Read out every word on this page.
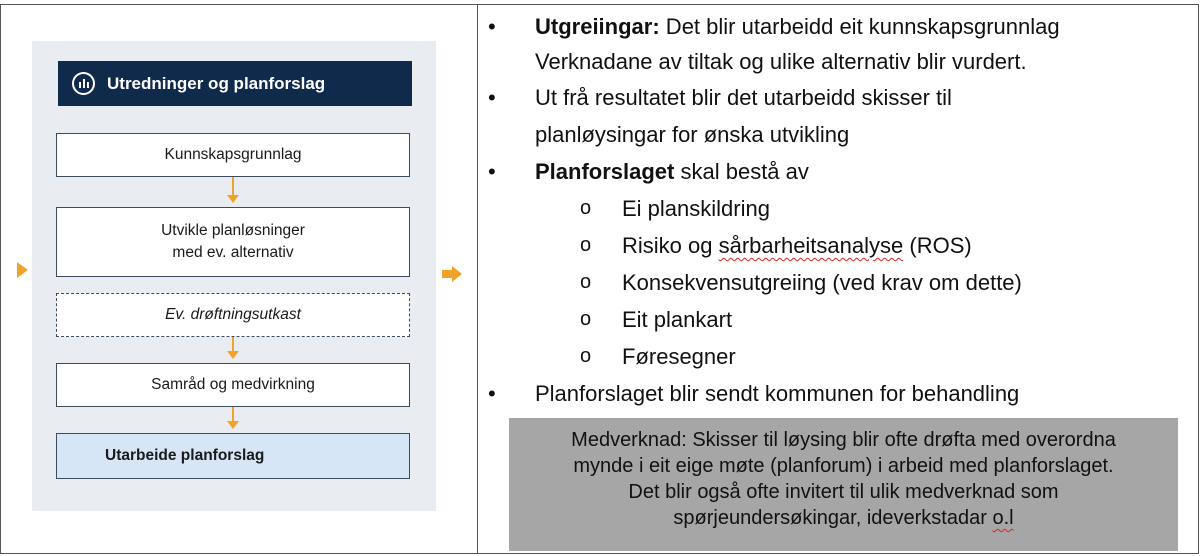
Utredninger og planforslag
Kunnskapsgrunnlag
Utvikle planløsninger
med ev. alternativ
Ev. drøftningsutkast
Samråd og medvirkning
Utarbeide planforslag
• Utgreiingar: Det blir utarbeidd eit kunnskapsgrunnlag
Verknadane av tiltak og ulike alternativ blir vurdert.
• Ut frå resultatet blir det utarbeidd skisser til
planløysingar for ønska utvikling
• Planforslaget skal bestå av
o Ei planskildring
o Risiko og sårbarheitsanalyse (ROS)
o Konsekvensutgreiing (ved krav om dette)
o Eit plankart
o Føresegner
• Planforslaget blir sendt kommunen for behandling
Medverknad: Skisser til løysing blir ofte drøfta med overordna
mynde i eit eige møte (planforum) i arbeid med planforslaget.
Det blir også ofte invitert til ulik medverknad som
spørjeundersøkingar, ideverkstadar o.l
